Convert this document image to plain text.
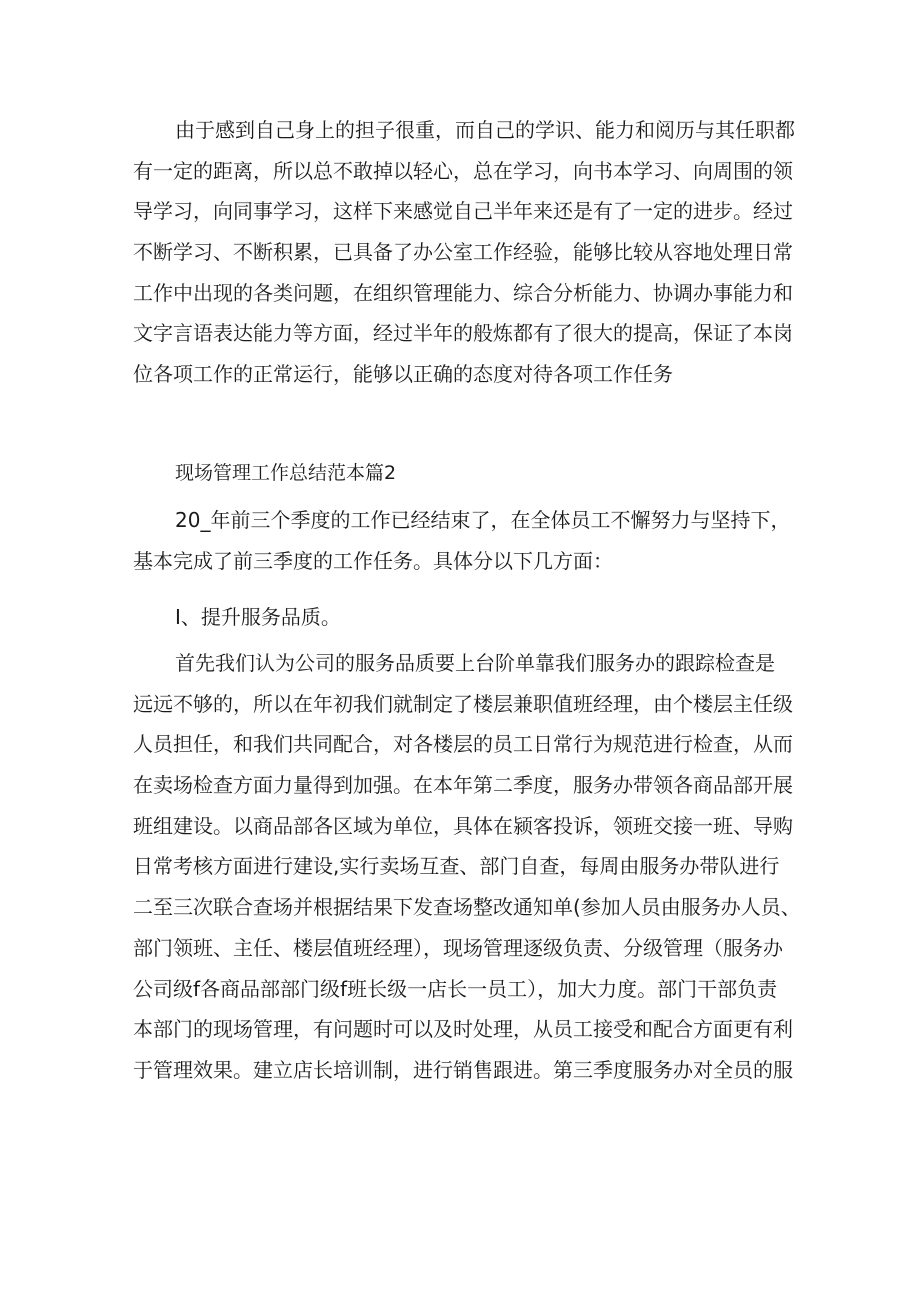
由于感到自己身上的担子很重，而自己的学识、能力和阅历与其任职都
有一定的距离，所以总不敢掉以轻心，总在学习，向书本学习、向周围的领
导学习，向同事学习，这样下来感觉自己半年来还是有了一定的进步。经过
不断学习、不断积累，已具备了办公室工作经验，能够比较从容地处理日常
工作中出现的各类问题，在组织管理能力、综合分析能力、协调办事能力和
文字言语表达能力等方面，经过半年的般炼都有了很大的提高，保证了本岗
位各项工作的正常运行，能够以正确的态度对待各项工作任务
现场管理工作总结范本篇2
20_年前三个季度的工作已经结束了，在全体员工不懈努力与坚持下，
基本完成了前三季度的工作任务。具体分以下几方面：
I、提升服务品质。
首先我们认为公司的服务品质要上台阶单靠我们服务办的跟踪检查是
远远不够的，所以在年初我们就制定了楼层兼职值班经理，由个楼层主任级
人员担任，和我们共同配合，对各楼层的员工日常行为规范进行检查，从而
在卖场检查方面力量得到加强。在本年第二季度，服务办带领各商品部开展
班组建设。以商品部各区域为单位，具体在颍客投诉，领班交接一班、导购
日常考核方面进行建设,实行卖场互查、部门自查，每周由服务办带队进行
二至三次联合查场并根据结果下发查场整改通知单(参加人员由服务办人员、
部门领班、主任、楼层值班经理），现场管理逐级负责、分级管理（服务办
公司级f各商品部部门级f班长级一店长一员工），加大力度。部门干部负责
本部门的现场管理，有问题时可以及时处理，从员工接受和配合方面更有利
于管理效果。建立店长培训制，进行销售跟进。第三季度服务办对全员的服
